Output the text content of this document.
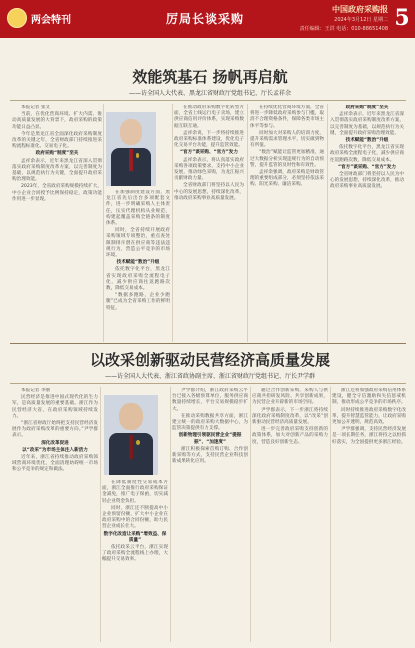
两会特刊	厉局长谈采购
中国政府采购报
2024年3月12日 星期二
责任编辑：王洪 电话：010-88651408 5
效能筑基石 扬帆再启航
——访全国人大代表、黑龙江省财政厅党组书记、厅长孟祥余
本报记者 张文
当前，在优化营商环境、扩大内需、推动高质量发展的大背景下，政府采购的政策功能日益凸显。
今年是黑龙江省全面深化政府采购制度改革的关键之年，全省财政部门持续推进采购流程标准化、交易电子化。
政府采购“制度”至关
孟祥余表示，近年来黑龙江省深入贯彻落实政府采购制度改革方案，以完善制度为基础，以规范执行为关键，全面提升政府采购治理效能。
2023年，全省政府采购规模持续扩大，中小企业合同授予比例保持稳定，政策功能作用进一步显现。
在加强制度建设方面，黑龙江省先后出台多项配套文件，进一步明确采购人主体责任，压实代理机构从业规范，构建起覆盖采购全链条的制度体系。
同时，全省持续开展政府采购领域专项整治，重点查处限制排斥潜在供应商等违法违规行为，营造公平竞争的市场环境。
技术赋能“数治”升级
依托数字化平台，黑龙江省实现政府采购全流程电子化，减少供应商往返跑路次数，降低交易成本。
“数据多跑路，企业少跑腿”已成为全省采购工作的鲜明特征。
在推动政府采购数字化转型方面，全省上线运行电子卖场，建立供应商信用评价体系，实现采购数据互联互通。
孟祥余说，下一步将持续推进政府采购标准体系建设，优化电子化交易平台功能，提升监管效能。
“官方”谈采购、“官方”发力
孟祥余表示，将认真落实政府采购各项政策要求，支持中小企业发展，推动绿色采购，为龙江振兴贡献财政力量。
全省财政部门将坚持以人民为中心的发展思想，持续深化改革，推动政府采购事业高质量发展。
在持续优化营商环境方面，全省将进一步降低政府采购参与门槛，取消不合理资格条件，保障各类市场主体平等参与。
同时加大对采购人的培训力度，提升采购需求管理水平，切实做到物有所值。
“数治”赋能让监管更加精准，通过大数据分析实现违规行为的自动预警，提升监管的及时性和有效性。
孟祥余强调，政府采购是财政管理的重要组成部分，必须坚持依法采购、阳光采购、廉洁采购。
政府采购“制度”至关
孟祥余表示，近年来黑龙江省深入贯彻落实政府采购制度改革方案，以完善制度为基础，以规范执行为关键，全面提升政府采购治理效能。
技术赋能“数治”升级
依托数字化平台，黑龙江省实现政府采购全流程电子化，减少供应商往返跑路次数，降低交易成本。
“官方”谈采购、“官方”发力
全省财政部门将坚持以人民为中心的发展思想，持续深化改革，推动政府采购事业高质量发展。
以改采创新驱动民营经济高质量发展
——访全国人大代表、浙江省政协副主席、浙江省财政厅党组书记、厅长尹学群
本报记者 李丽
民营经济是推进中国式现代化的生力军，是高质量发展的重要基础。浙江作为民营经济大省，在政府采购领域持续发力。
“浙江省财政厅始终把支持民营经济发展作为政府采购改革的重要方向。”尹学群表示。
深化改革促进
以“改采”为市场主体注入新活力
近年来，浙江省持续推动政府采购领域营商环境优化，全面清理妨碍统一市场和公平竞争的规定和做法。
在降低制度性交易成本方面，浙江全面推行政府采购保证金减免，推广电子保函，切实减轻企业资金负担。
同时，浙江还不断提高中小企业预留份额，扩大中小企业在政府采购中的合同份额，助力民营企业成长壮大。
数字化改造让采购“增效益、保质量”
依托政采云平台，浙江实现了政府采购全流程线上办理，大幅提升交易效率。
尹学群介绍，浙江政府采购云平台已接入各级预算单位，服务供应商数量持续增长，平台交易规模稳步扩大。
在推动采购数据共享方面，浙江建立统一的政府采购大数据中心，为监管决策提供有力支撑。
创新物理引领驱民营企业“提振振”、“加速度”
浙江积极探索首购订购、合作创新采购等方式，支持民营企业科技创新成果转化应用。
通过合作创新采购，采购人与供应商共担研发风险、共享创新成果，为民营企业开辟新的市场空间。
尹学群表示，下一步浙江将持续深化政府采购制度改革，以“改采”创新驱动民营经济高质量发展。
进一步完善政府采购支持创新的政策体系，加大对创新产品的采购力度，营造良好创新生态。
浙江还将加强政府采购信用体系建设，健全守信激励和失信惩戒机制，推动形成公平竞争的市场秩序。
同时持续推进政府采购数字化改革，提升智慧监管能力，让政府采购更加公开透明、规范高效。
尹学群强调，支持民营经济发展是一项长期任务，浙江将持之以恒抓好落实，为全国提供更多浙江经验。
